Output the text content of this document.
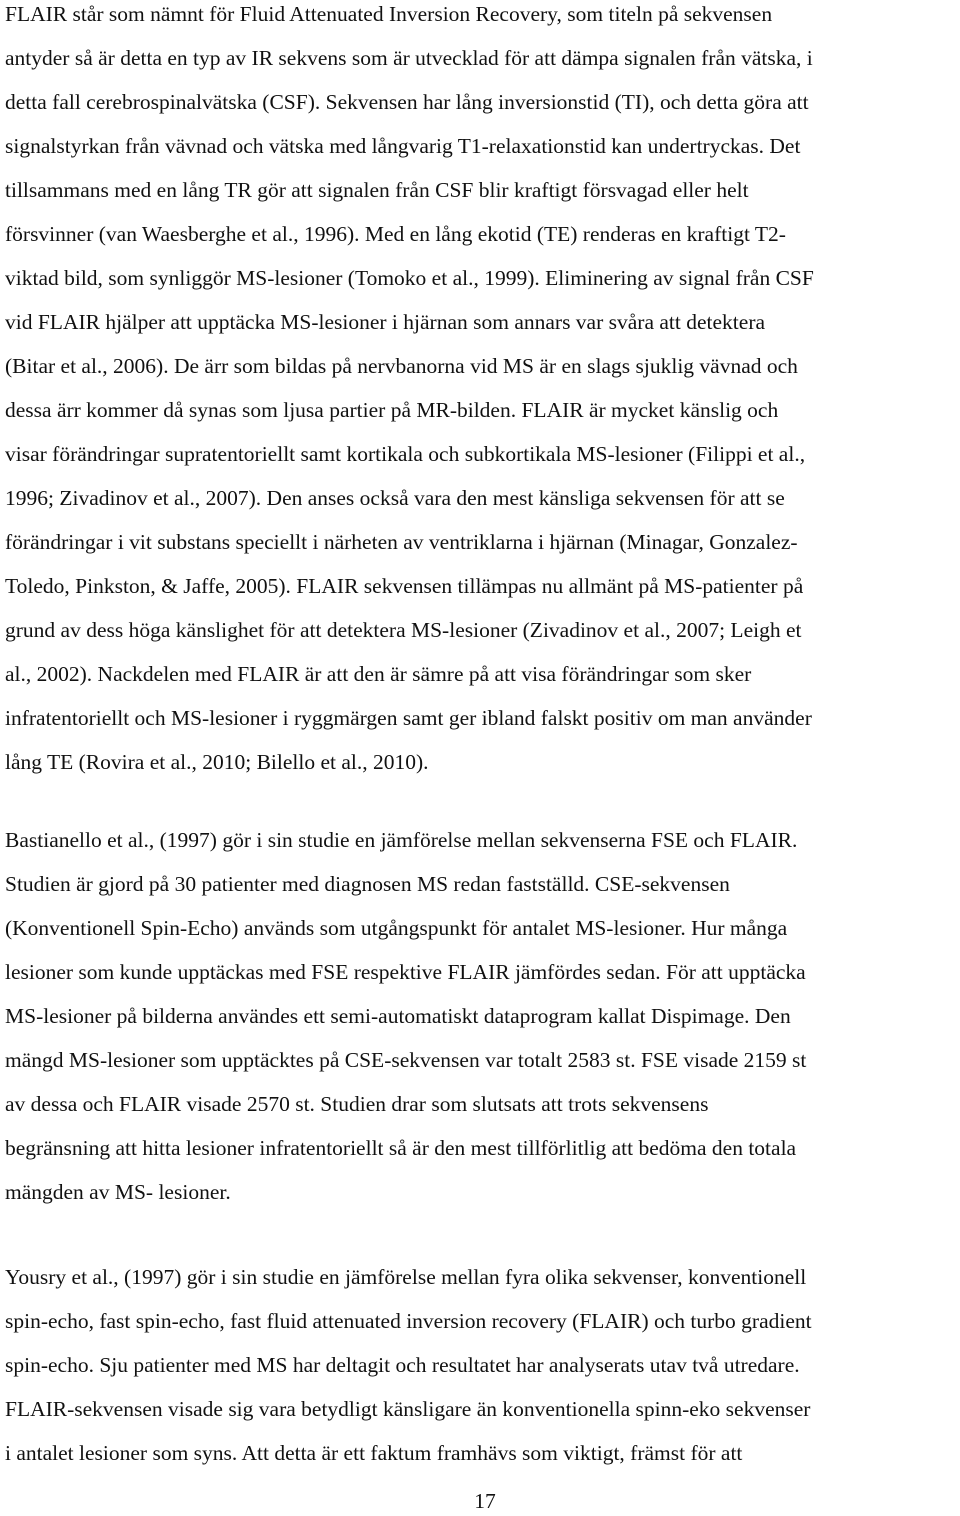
FLAIR står som nämnt för Fluid Attenuated Inversion Recovery, som titeln på sekvensen
antyder så är detta en typ av IR sekvens som är utvecklad för att dämpa signalen från vätska, i
detta fall cerebrospinalvätska (CSF). Sekvensen har lång inversionstid (TI), och detta göra att
signalstyrkan från vävnad och vätska med långvarig T1-relaxationstid kan undertryckas. Det
tillsammans med en lång TR gör att signalen från CSF blir kraftigt försvagad eller helt
försvinner (van Waesberghe et al., 1996). Med en lång ekotid (TE) renderas en kraftigt T2-
viktad bild, som synliggör MS-lesioner (Tomoko et al., 1999). Eliminering av signal från CSF
vid FLAIR hjälper att upptäcka MS-lesioner i hjärnan som annars var svåra att detektera
(Bitar et al., 2006). De ärr som bildas på nervbanorna vid MS är en slags sjuklig vävnad och
dessa ärr kommer då synas som ljusa partier på MR-bilden. FLAIR är mycket känslig och
visar förändringar supratentoriellt samt kortikala och subkortikala MS-lesioner (Filippi et al.,
1996; Zivadinov et al., 2007). Den anses också vara den mest känsliga sekvensen för att se
förändringar i vit substans speciellt i närheten av ventriklarna i hjärnan (Minagar, Gonzalez-
Toledo, Pinkston, & Jaffe, 2005). FLAIR sekvensen tillämpas nu allmänt på MS-patienter på
grund av dess höga känslighet för att detektera MS-lesioner (Zivadinov et al., 2007; Leigh et
al., 2002). Nackdelen med FLAIR är att den är sämre på att visa förändringar som sker
infratentoriellt och MS-lesioner i ryggmärgen samt ger ibland falskt positiv om man använder
lång TE (Rovira et al., 2010; Bilello et al., 2010).
Bastianello et al., (1997) gör i sin studie en jämförelse mellan sekvenserna FSE och FLAIR.
Studien är gjord på 30 patienter med diagnosen MS redan fastställd. CSE-sekvensen
(Konventionell Spin-Echo) används som utgångspunkt för antalet MS-lesioner. Hur många
lesioner som kunde upptäckas med FSE respektive FLAIR jämfördes sedan. För att upptäcka
MS-lesioner på bilderna användes ett semi-automatiskt dataprogram kallat Dispimage. Den
mängd MS-lesioner som upptäcktes på CSE-sekvensen var totalt 2583 st. FSE visade 2159 st
av dessa och FLAIR visade 2570 st. Studien drar som slutsats att trots sekvensens
begränsning att hitta lesioner infratentoriellt så är den mest tillförlitlig att bedöma den totala
mängden av MS- lesioner.
Yousry et al., (1997) gör i sin studie en jämförelse mellan fyra olika sekvenser, konventionell
spin-echo, fast spin-echo, fast fluid attenuated inversion recovery (FLAIR) och turbo gradient
spin-echo. Sju patienter med MS har deltagit och resultatet har analyserats utav två utredare.
FLAIR-sekvensen visade sig vara betydligt känsligare än konventionella spinn-eko sekvenser
i antalet lesioner som syns. Att detta är ett faktum framhävs som viktigt, främst för att
17
